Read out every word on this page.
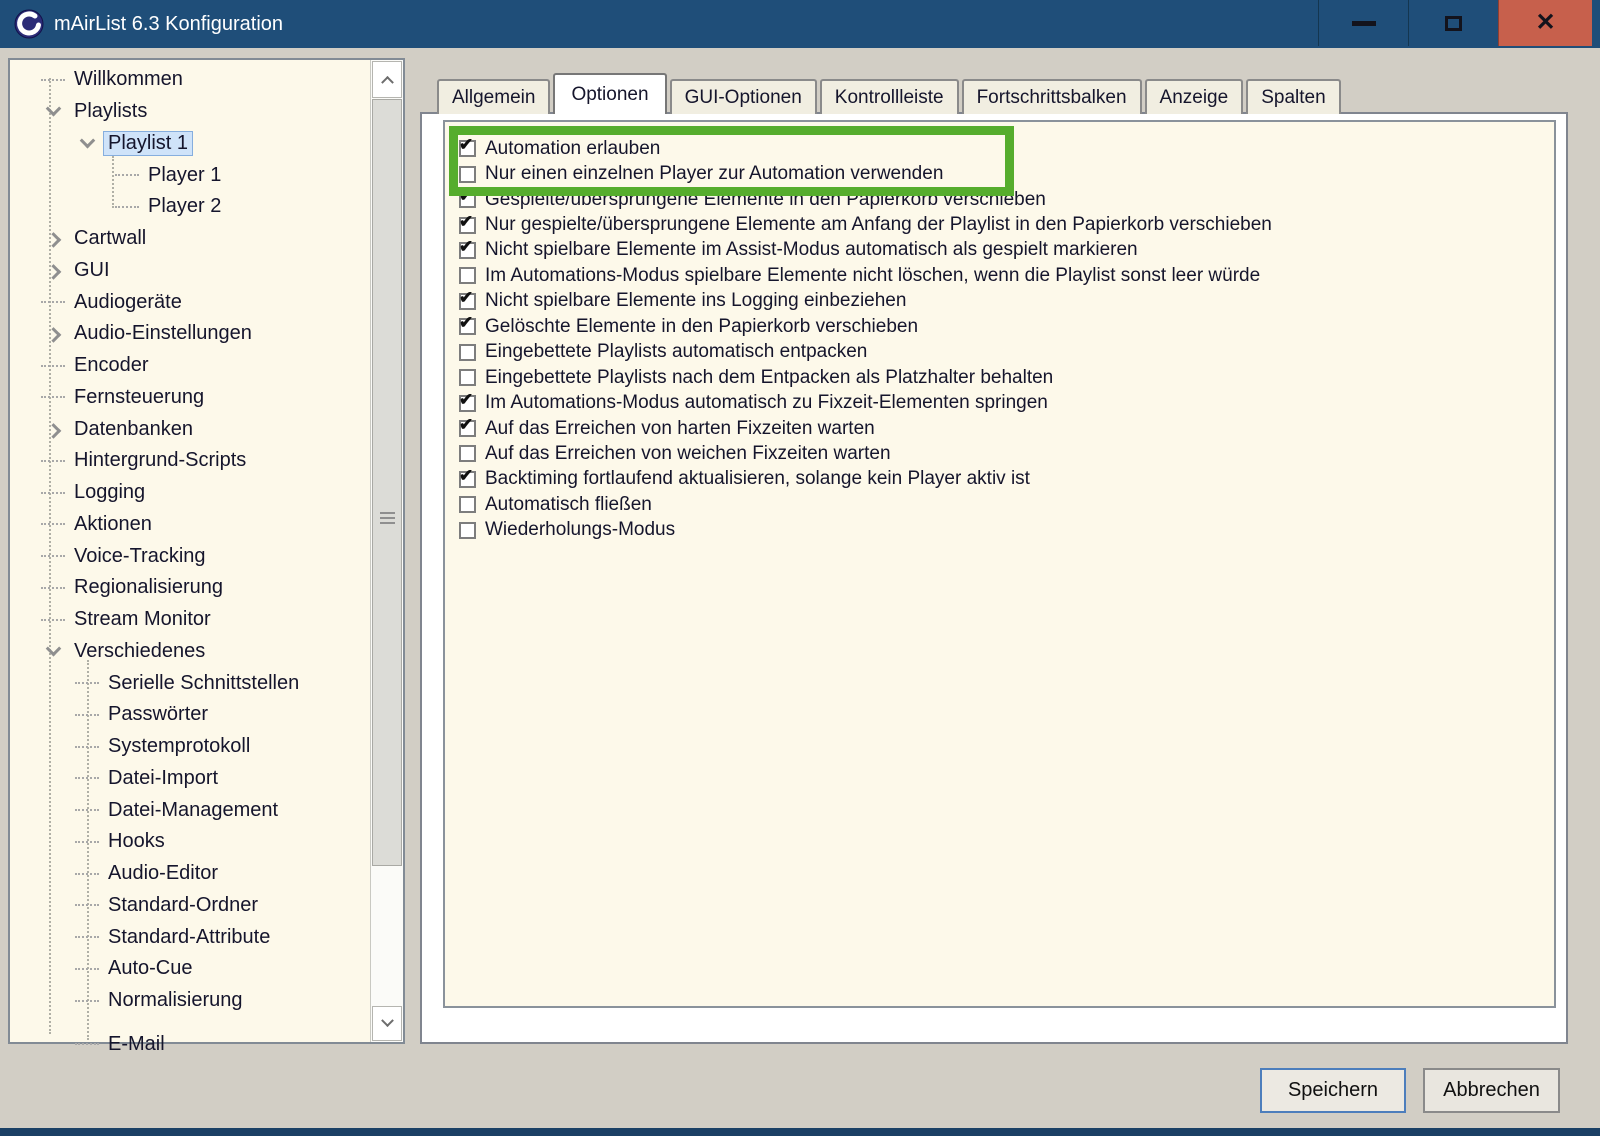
mAirList 6.3 Konfiguration	✕
Willkommen
Playlists
Playlist 1
Player 1
Player 2
Cartwall
GUI
Audiogeräte
Audio-Einstellungen
Encoder
Fernsteuerung
Datenbanken
Hintergrund-Scripts
Logging
Aktionen
Voice-Tracking
Regionalisierung
Stream Monitor
Verschiedenes
Serielle Schnittstellen
Passwörter
Systemprotokoll
Datei-Import
Datei-Management
Hooks
Audio-Editor
Standard-Ordner
Standard-Attribute
Auto-Cue
Normalisierung
E-Mail
Allgemein	Optionen	GUI-Optionen	Kontrollleiste	Fortschrittsbalken	Anzeige	Spalten
✔ Automation erlauben
Nur einen einzelnen Player zur Automation verwenden
✔ Gespielte/übersprungene Elemente in den Papierkorb verschieben
✔ Nur gespielte/übersprungene Elemente am Anfang der Playlist in den Papierkorb verschieben
✔ Nicht spielbare Elemente im Assist-Modus automatisch als gespielt markieren
Im Automations-Modus spielbare Elemente nicht löschen, wenn die Playlist sonst leer würde
✔ Nicht spielbare Elemente ins Logging einbeziehen
✔ Gelöschte Elemente in den Papierkorb verschieben
Eingebettete Playlists automatisch entpacken
Eingebettete Playlists nach dem Entpacken als Platzhalter behalten
✔ Im Automations-Modus automatisch zu Fixzeit-Elementen springen
✔ Auf das Erreichen von harten Fixzeiten warten
Auf das Erreichen von weichen Fixzeiten warten
✔ Backtiming fortlaufend aktualisieren, solange kein Player aktiv ist
Automatisch fließen
Wiederholungs-Modus
Speichern	Abbrechen
